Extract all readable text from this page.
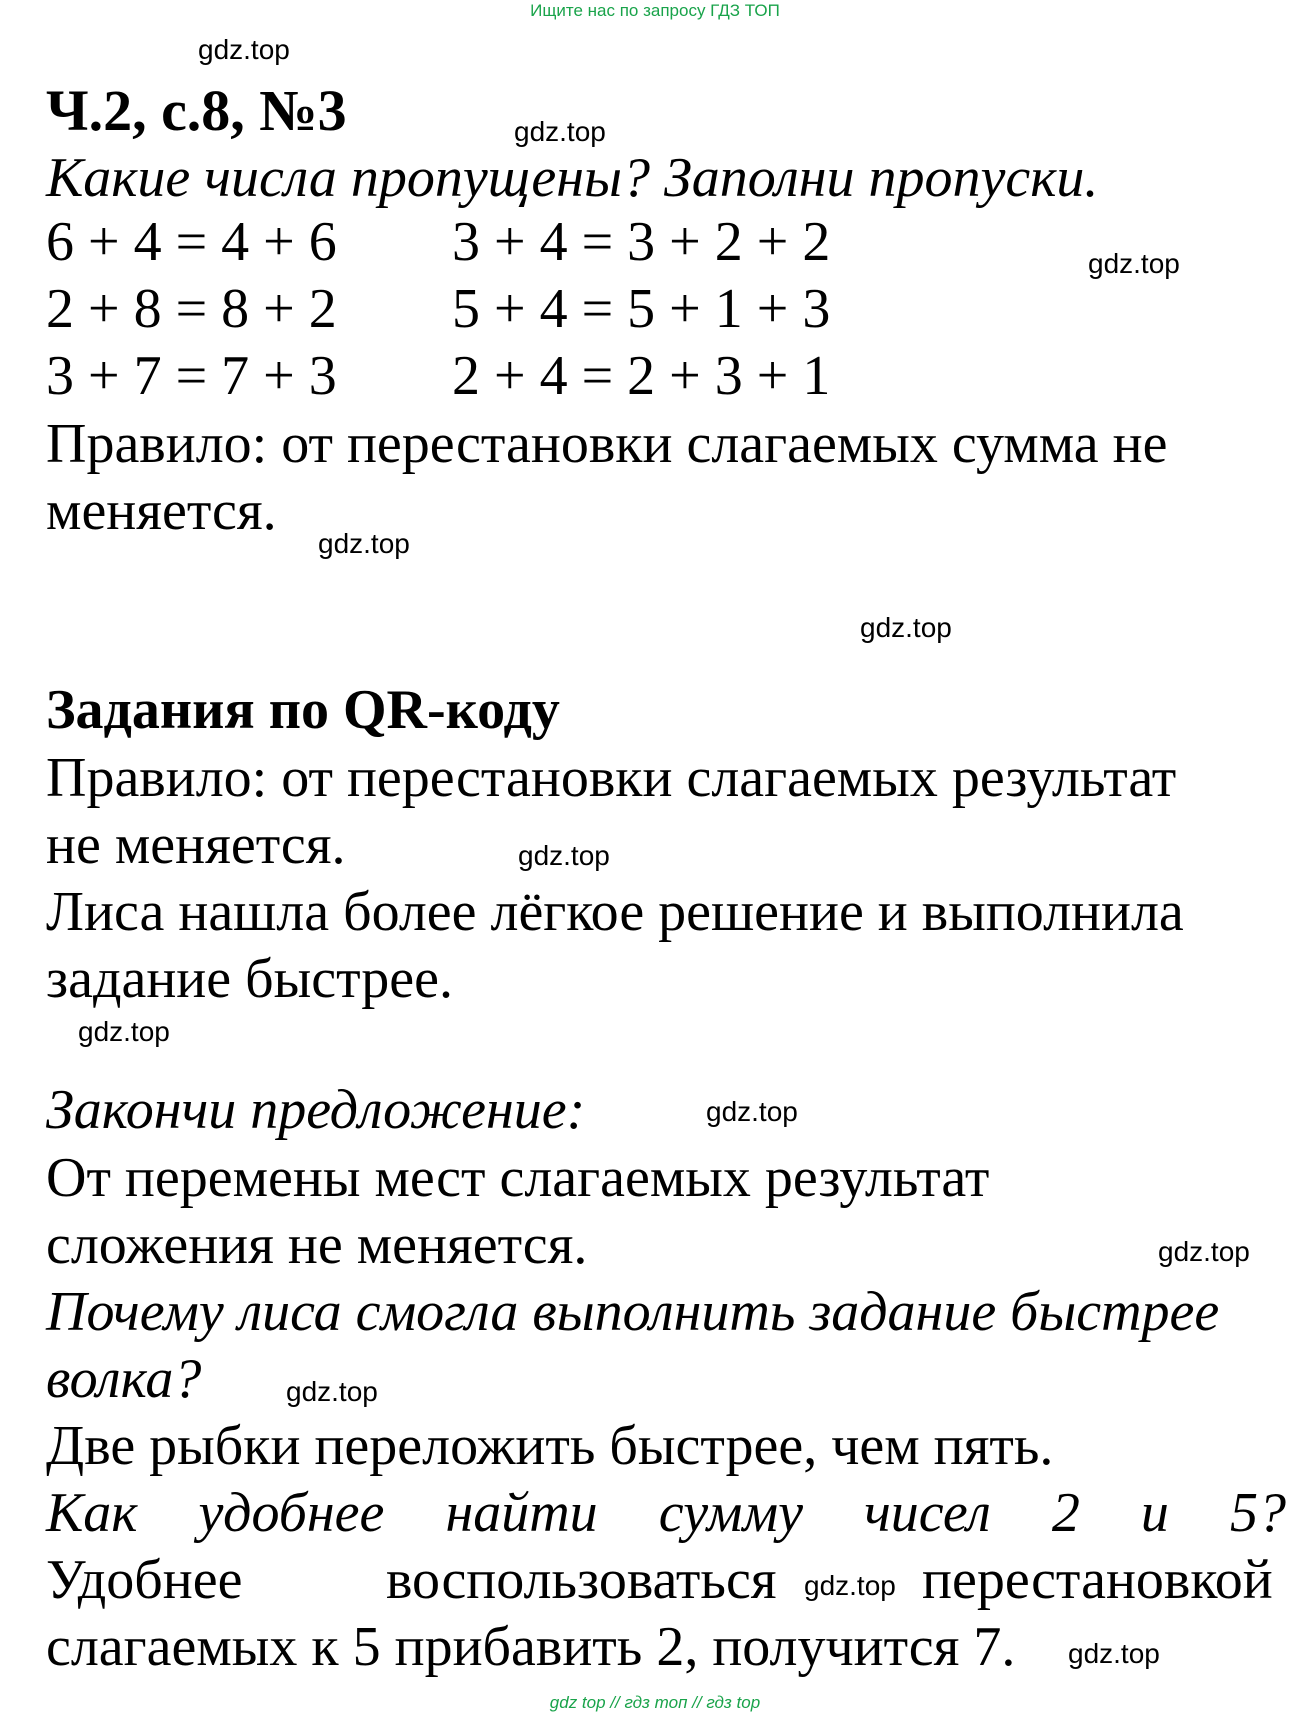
Ищите нас по запросу ГДЗ ТОП
gdz.top
Ч.2, с.8, №3	gdz.top
Какие числа пропущены? Заполни пропуски.
6 + 4 = 4 + 6 3 + 4 = 3 + 2 + 2	gdz.top
2 + 8 = 8 + 2 5 + 4 = 5 + 1 + 3
3 + 7 = 7 + 3 2 + 4 = 2 + 3 + 1
Правило: от перестановки слагаемых сумма не
меняется.
gdz.top
gdz.top
Задания по QR-коду
Правило: от перестановки слагаемых результат
не меняется.	gdz.top
Лиса нашла более лёгкое решение и выполнила
задание быстрее.
gdz.top
Закончи предложение:	gdz.top
От перемены мест слагаемых результат
сложения не меняется.	gdz.top
Почему лиса смогла выполнить задание быстрее
волка?	gdz.top
Две рыбки переложить быстрее, чем пять.
Как удобнее найти сумму чисел 2 и 5?
Удобнее	воспользоваться gdz.top перестановкой
слагаемых к 5 прибавить 2, получится 7. gdz.top
gdz top // гдз топ // гдз top
